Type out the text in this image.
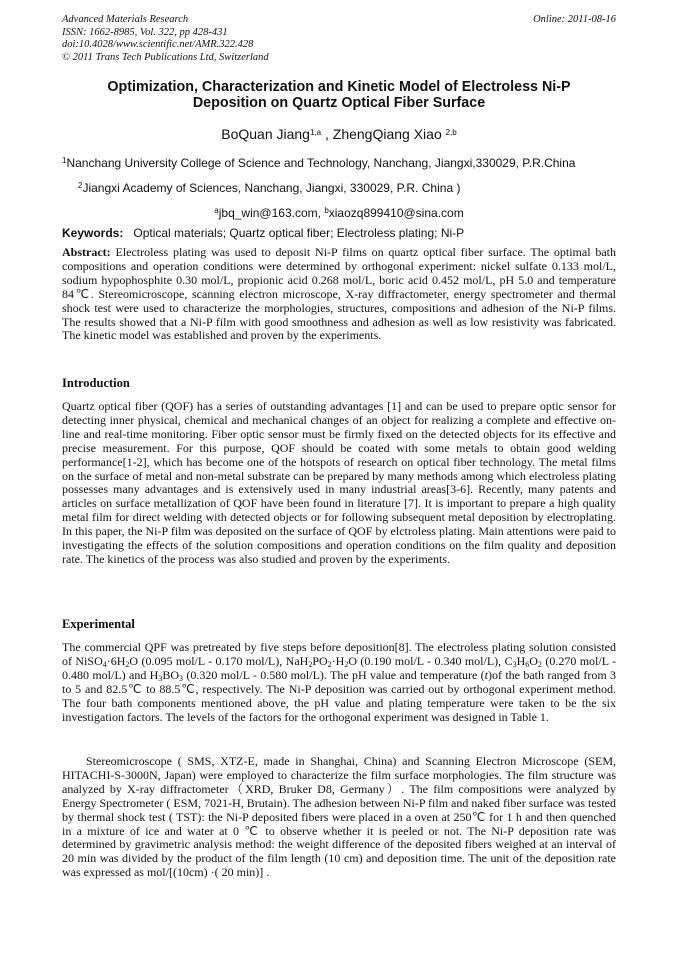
Advanced Materials Research
ISSN: 1662-8985, Vol. 322, pp 428-431
doi:10.4028/www.scientific.net/AMR.322.428
© 2011 Trans Tech Publications Ltd, Switzerland
Online: 2011-08-16
Optimization, Characterization and Kinetic Model of Electroless Ni-P
Deposition on Quartz Optical Fiber Surface
BoQuan Jiang$^{1,a}$ , ZhengQiang Xiao $^{2,b}$
$^1$Nanchang University College of Science and Technology, Nanchang, Jiangxi,330029, P.R.China
$^2$Jiangxi Academy of Sciences, Nanchang, Jiangxi, 330029, P.R. China )
$^a$jbq_win@163.com, $^b$xiaozq899410@sina.com
Keywords: Optical materials; Quartz optical fiber; Electroless plating; Ni-P

Abstract: Electroless plating was used to deposit Ni-P films on quartz optical fiber surface. The optimal bath compositions and operation conditions were determined by orthogonal experiment: nickel sulfate 0.133 mol/L, sodium hypophosphite 0.30 mol/L, propionic acid 0.268 mol/L, boric acid 0.452 mol/L, pH 5.0 and temperature 84℃. Stereomicroscope, scanning electron microscope, X-ray diffractometer, energy spectrometer and thermal shock test were used to characterize the morphologies, structures, compositions and adhesion of the Ni-P films. The results showed that a Ni-P film with good smoothness and adhesion as well as low resistivity was fabricated. The kinetic model was established and proven by the experiments.

Introduction

Quartz optical fiber (QOF) has a series of outstanding advantages [1] and can be used to prepare optic sensor for detecting inner physical, chemical and mechanical changes of an object for realizing a complete and effective on-line and real-time monitoring. Fiber optic sensor must be firmly fixed on the detected objects for its effective and precise measurement. For this purpose, QOF should be coated with some metals to obtain good welding performance[1-2], which has become one of the hotspots of research on optical fiber technology. The metal films on the surface of metal and non-metal substrate can be prepared by many methods among which electroless plating possesses many advantages and is extensively used in many industrial areas[3-6]. Recently, many patents and articles on surface metallization of QOF have been found in literature [7]. It is important to prepare a high quality metal film for direct welding with detected objects or for following subsequent metal deposition by electroplating. In this paper, the Ni-P film was deposited on the surface of QOF by elctroless plating. Main attentions were paid to investigating the effects of the solution compositions and operation conditions on the film quality and deposition rate. The kinetics of the process was also studied and proven by the experiments.

Experimental

The commercial QPF was pretreated by five steps before deposition[8]. The electroless plating solution consisted of $NiSO_4\cdot 6H_2O$ (0.095 mol/L - 0.170 mol/L), $NaH_2PO_2\cdot H_2O$ (0.190 mol/L - 0.340 mol/L), $C_3H_6O_2$ (0.270 mol/L - 0.480 mol/L) and $H_3BO_3$ (0.320 mol/L - 0.580 mol/L). The pH value and temperature (t)of the bath ranged from 3 to 5 and 82.5℃ to 88.5℃, respectively. The Ni-P deposition was carried out by orthogonal experiment method. The four bath components mentioned above, the pH value and plating temperature were taken to be the six investigation factors. The levels of the factors for the orthogonal experiment was designed in Table 1.

Stereomicroscope ( SMS, XTZ-E, made in Shanghai, China) and Scanning Electron Microscope (SEM, HITACHI-S-3000N, Japan) were employed to characterize the film surface morphologies. The film structure was analyzed by X-ray diffractometer（XRD, Bruker D8, Germany）. The film compositions were analyzed by Energy Spectrometer ( ESM, 7021-H, Brutain). The adhesion between Ni-P film and naked fiber surface was tested by thermal shock test ( TST): the Ni-P deposited fibers were placed in a oven at 250℃ for 1 h and then quenched in a mixture of ice and water at 0 ℃ to observe whether it is peeled or not. The Ni-P deposition rate was determined by gravimetric analysis method: the weight difference of the deposited fibers weighed at an interval of 20 min was divided by the product of the film length (10 cm) and deposition time. The unit of the deposition rate was expressed as mol/[(10cm) ·( 20 min)] .
